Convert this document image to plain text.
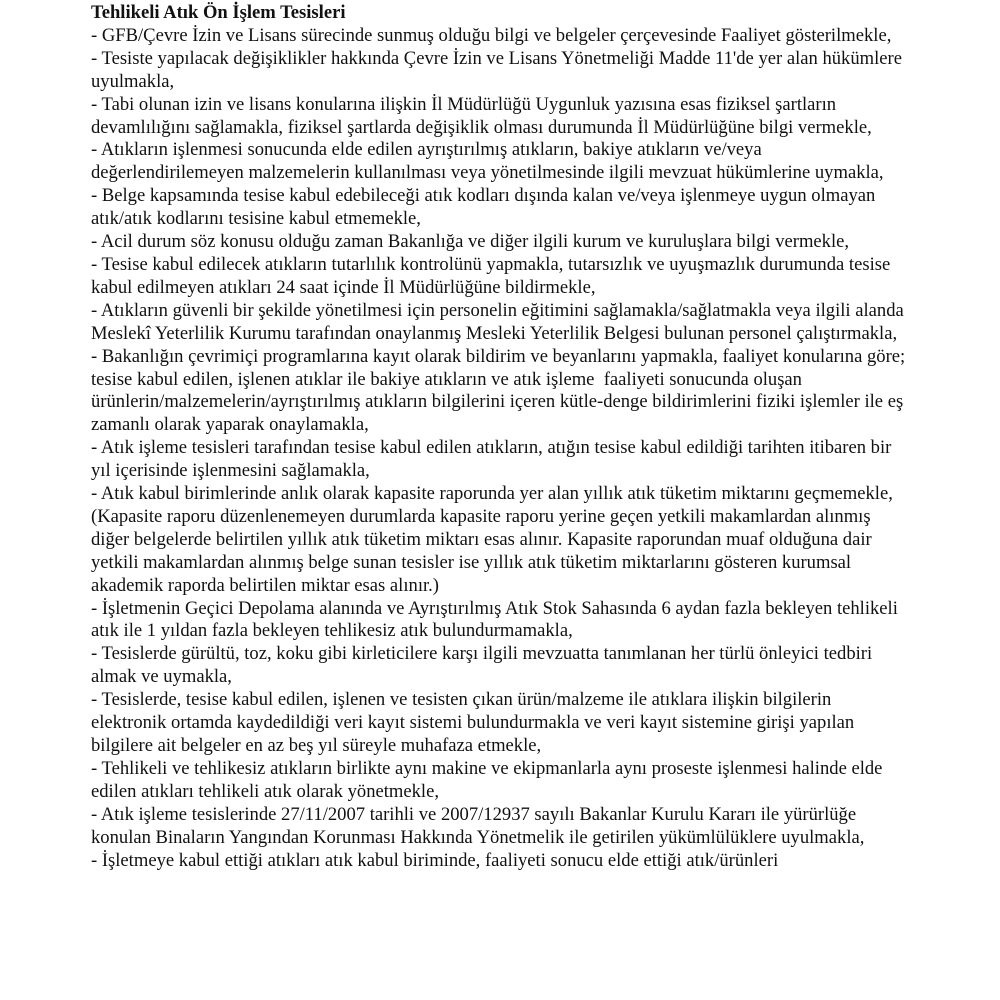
Tehlikeli Atık Ön İşlem Tesisleri
- GFB/Çevre İzin ve Lisans sürecinde sunmuş olduğu bilgi ve belgeler çerçevesinde Faaliyet gösterilmekle,
- Tesiste yapılacak değişiklikler hakkında Çevre İzin ve Lisans Yönetmeliği Madde 11'de yer alan hükümlere uyulmakla,
- Tabi olunan izin ve lisans konularına ilişkin İl Müdürlüğü Uygunluk yazısına esas fiziksel şartların devamlılığını sağlamakla, fiziksel şartlarda değişiklik olması durumunda İl Müdürlüğüne bilgi vermekle,
- Atıkların işlenmesi sonucunda elde edilen ayrıştırılmış atıkların, bakiye atıkların ve/veya değerlendirilemeyen malzemelerin kullanılması veya yönetilmesinde ilgili mevzuat hükümlerine uymakla,
- Belge kapsamında tesise kabul edebileceği atık kodları dışında kalan ve/veya işlenmeye uygun olmayan atık/atık kodlarını tesisine kabul etmemekle,
- Acil durum söz konusu olduğu zaman Bakanlığa ve diğer ilgili kurum ve kuruluşlara bilgi vermekle,
- Tesise kabul edilecek atıkların tutarlılık kontrolünü yapmakla, tutarsızlık ve uyuşmazlık durumunda tesise kabul edilmeyen atıkları 24 saat içinde İl Müdürlüğüne bildirmekle,
- Atıkların güvenli bir şekilde yönetilmesi için personelin eğitimini sağlamakla/sağlatmakla veya ilgili alanda Meslekî Yeterlilik Kurumu tarafından onaylanmış Mesleki Yeterlilik Belgesi bulunan personel çalıştırmakla,
- Bakanlığın çevrimiçi programlarına kayıt olarak bildirim ve beyanlarını yapmakla, faaliyet konularına göre; tesise kabul edilen, işlenen atıklar ile bakiye atıkların ve atık işleme  faaliyeti sonucunda oluşan ürünlerin/malzemelerin/ayrıştırılmış atıkların bilgilerini içeren kütle-denge bildirimlerini fiziki işlemler ile eş zamanlı olarak yaparak onaylamakla,
- Atık işleme tesisleri tarafından tesise kabul edilen atıkların, atığın tesise kabul edildiği tarihten itibaren bir yıl içerisinde işlenmesini sağlamakla,
- Atık kabul birimlerinde anlık olarak kapasite raporunda yer alan yıllık atık tüketim miktarını geçmemekle, (Kapasite raporu düzenlenemeyen durumlarda kapasite raporu yerine geçen yetkili makamlardan alınmış diğer belgelerde belirtilen yıllık atık tüketim miktarı esas alınır. Kapasite raporundan muaf olduğuna dair yetkili makamlardan alınmış belge sunan tesisler ise yıllık atık tüketim miktarlarını gösteren kurumsal akademik raporda belirtilen miktar esas alınır.)
- İşletmenin Geçici Depolama alanında ve Ayrıştırılmış Atık Stok Sahasında 6 aydan fazla bekleyen tehlikeli atık ile 1 yıldan fazla bekleyen tehlikesiz atık bulundurmamakla,
- Tesislerde gürültü, toz, koku gibi kirleticilere karşı ilgili mevzuatta tanımlanan her türlü önleyici tedbiri almak ve uymakla,
- Tesislerde, tesise kabul edilen, işlenen ve tesisten çıkan ürün/malzeme ile atıklara ilişkin bilgilerin elektronik ortamda kaydedildiği veri kayıt sistemi bulundurmakla ve veri kayıt sistemine girişi yapılan bilgilere ait belgeler en az beş yıl süreyle muhafaza etmekle,
- Tehlikeli ve tehlikesiz atıkların birlikte aynı makine ve ekipmanlarla aynı proseste işlenmesi halinde elde edilen atıkları tehlikeli atık olarak yönetmekle,
- Atık işleme tesislerinde 27/11/2007 tarihli ve 2007/12937 sayılı Bakanlar Kurulu Kararı ile yürürlüğe konulan Binaların Yangından Korunması Hakkında Yönetmelik ile getirilen yükümlülüklere uyulmakla,
- İşletmeye kabul ettiği atıkları atık kabul biriminde, faaliyeti sonucu elde ettiği atık/ürünleri
